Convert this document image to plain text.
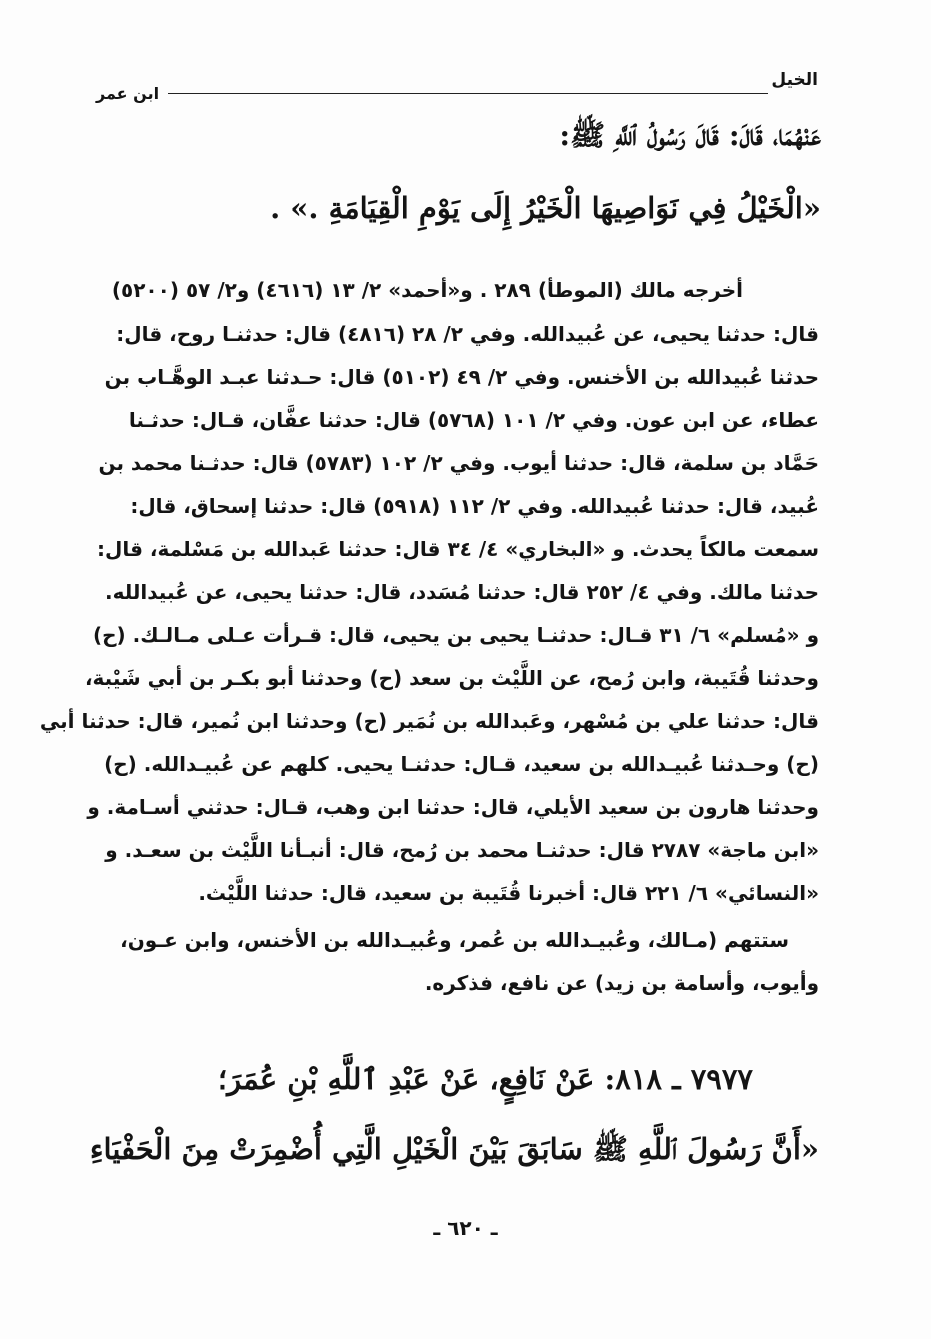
الخيل
ابن عمر
عَنْهُمَا، قَالَ: قَالَ رَسُولُ ٱللَّهِ ﷺ:
«الْخَيْلُ فِي نَوَاصِيهَا الْخَيْرُ إِلَى يَوْمِ الْقِيَامَةِ .» .
أخرجه مالك (الموطأ) ٢٨٩ . و«أحمد» ٢/ ١٣ (٤٦١٦) و٢/ ٥٧ (٥٢٠٠)
قال: حدثنا يحيى، عن عُبيدالله. وفي ٢/ ٢٨ (٤٨١٦) قال: حدثنـا روح، قال:
حدثنا عُبيدالله بن الأخنس. وفي ٢/ ٤٩ (٥١٠٢) قال: حـدثنا عبـد الوهَّـاب بن
عطاء، عن ابن عون. وفي ٢/ ١٠١ (٥٧٦٨) قال: حدثنا عفَّان، قـال: حدثـنا
حَمَّاد بن سلمة، قال: حدثنا أيوب. وفي ٢/ ١٠٢ (٥٧٨٣) قال: حدثـنا محمد بن
عُبيد، قال: حدثنا عُبيدالله. وفي ٢/ ١١٢ (٥٩١٨) قال: حدثنا إسحاق، قال:
سمعت مالكاً يحدث. و «البخاري» ٤/ ٣٤ قال: حدثنا عَبدالله بن مَسْلمة، قال:
حدثنا مالك. وفي ٤/ ٢٥٢ قال: حدثنا مُسَدد، قال: حدثنا يحيى، عن عُبيدالله.
و «مُسلم» ٦/ ٣١ قـال: حدثنـا يحيى بن يحيى، قال: قـرأت عـلى مـالـك. (ح)
وحدثنا قُتَيبة، وابن رُمح، عن اللَّيْث بن سعد (ح) وحدثنا أبو بكـر بن أبي شَيْبة،
قال: حدثنا علي بن مُسْهر، وعَبدالله بن نُمَير (ح) وحدثنا ابن نُمير، قال: حدثنا أبي
(ح) وحـدثنا عُبيـدالله بن سعيد، قـال: حدثنـا يحيى. كلهم عن عُبيـدالله. (ح)
وحدثنا هارون بن سعيد الأيلي، قال: حدثنا ابن وهب، قـال: حدثني أسـامة. و
«ابن ماجة» ٢٧٨٧ قال: حدثنـا محمد بن رُمح، قال: أنبـأنا اللَّيْث بن سعـد. و
«النسائي» ٦/ ٢٢١ قال: أخبرنا قُتَيبة بن سعيد، قال: حدثنا اللَّيْث.
ستتهم (مـالك، وعُبيـدالله بن عُمر، وعُبيـدالله بن الأخنس، وابن عـون،
وأيوب، وأسامة بن زيد) عن نافع، فذكره.
٧٩٧٧ ـ ٨١٨: عَنْ نَافِعٍ، عَنْ عَبْدِ ٱللَّهِ بْنِ عُمَرَ؛
«أَنَّ رَسُولَ ٱللَّهِ ﷺ سَابَقَ بَيْنَ الْخَيْلِ الَّتِي أُضْمِرَتْ مِنَ الْحَفْيَاءِ
ـ ٦٢٠ ـ
